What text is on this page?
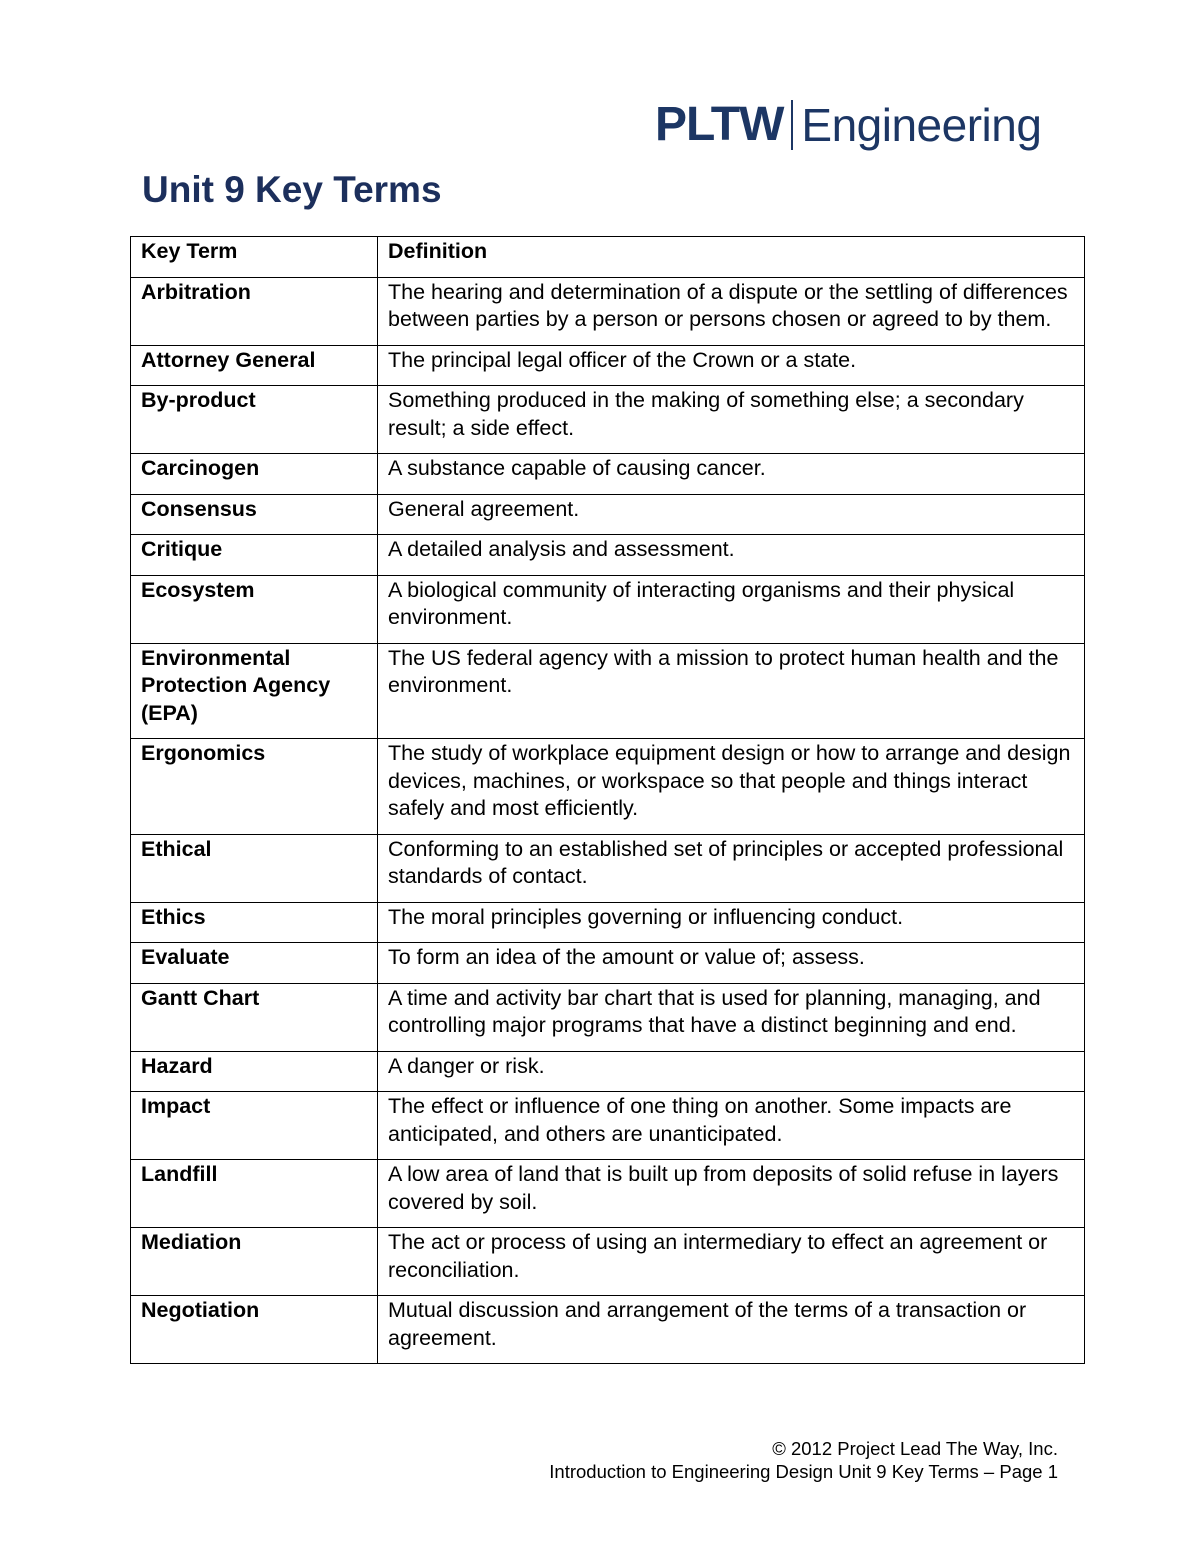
PLTW Engineering
Unit 9 Key Terms
Key Term	Definition
Arbitration	The hearing and determination of a dispute or the settling of differences between parties by a person or persons chosen or agreed to by them.
Attorney General	The principal legal officer of the Crown or a state.
By-product	Something produced in the making of something else; a secondary result; a side effect.
Carcinogen	A substance capable of causing cancer.
Consensus	General agreement.
Critique	A detailed analysis and assessment.
Ecosystem	A biological community of interacting organisms and their physical environment.
Environmental Protection Agency (EPA)	The US federal agency with a mission to protect human health and the environment.
Ergonomics	The study of workplace equipment design or how to arrange and design devices, machines, or workspace so that people and things interact safely and most efficiently.
Ethical	Conforming to an established set of principles or accepted professional standards of contact.
Ethics	The moral principles governing or influencing conduct.
Evaluate	To form an idea of the amount or value of; assess.
Gantt Chart	A time and activity bar chart that is used for planning, managing, and controlling major programs that have a distinct beginning and end.
Hazard	A danger or risk.
Impact	The effect or influence of one thing on another. Some impacts are anticipated, and others are unanticipated.
Landfill	A low area of land that is built up from deposits of solid refuse in layers covered by soil.
Mediation	The act or process of using an intermediary to effect an agreement or reconciliation.
Negotiation	Mutual discussion and arrangement of the terms of a transaction or agreement.
© 2012 Project Lead The Way, Inc.
Introduction to Engineering Design Unit 9 Key Terms – Page 1
